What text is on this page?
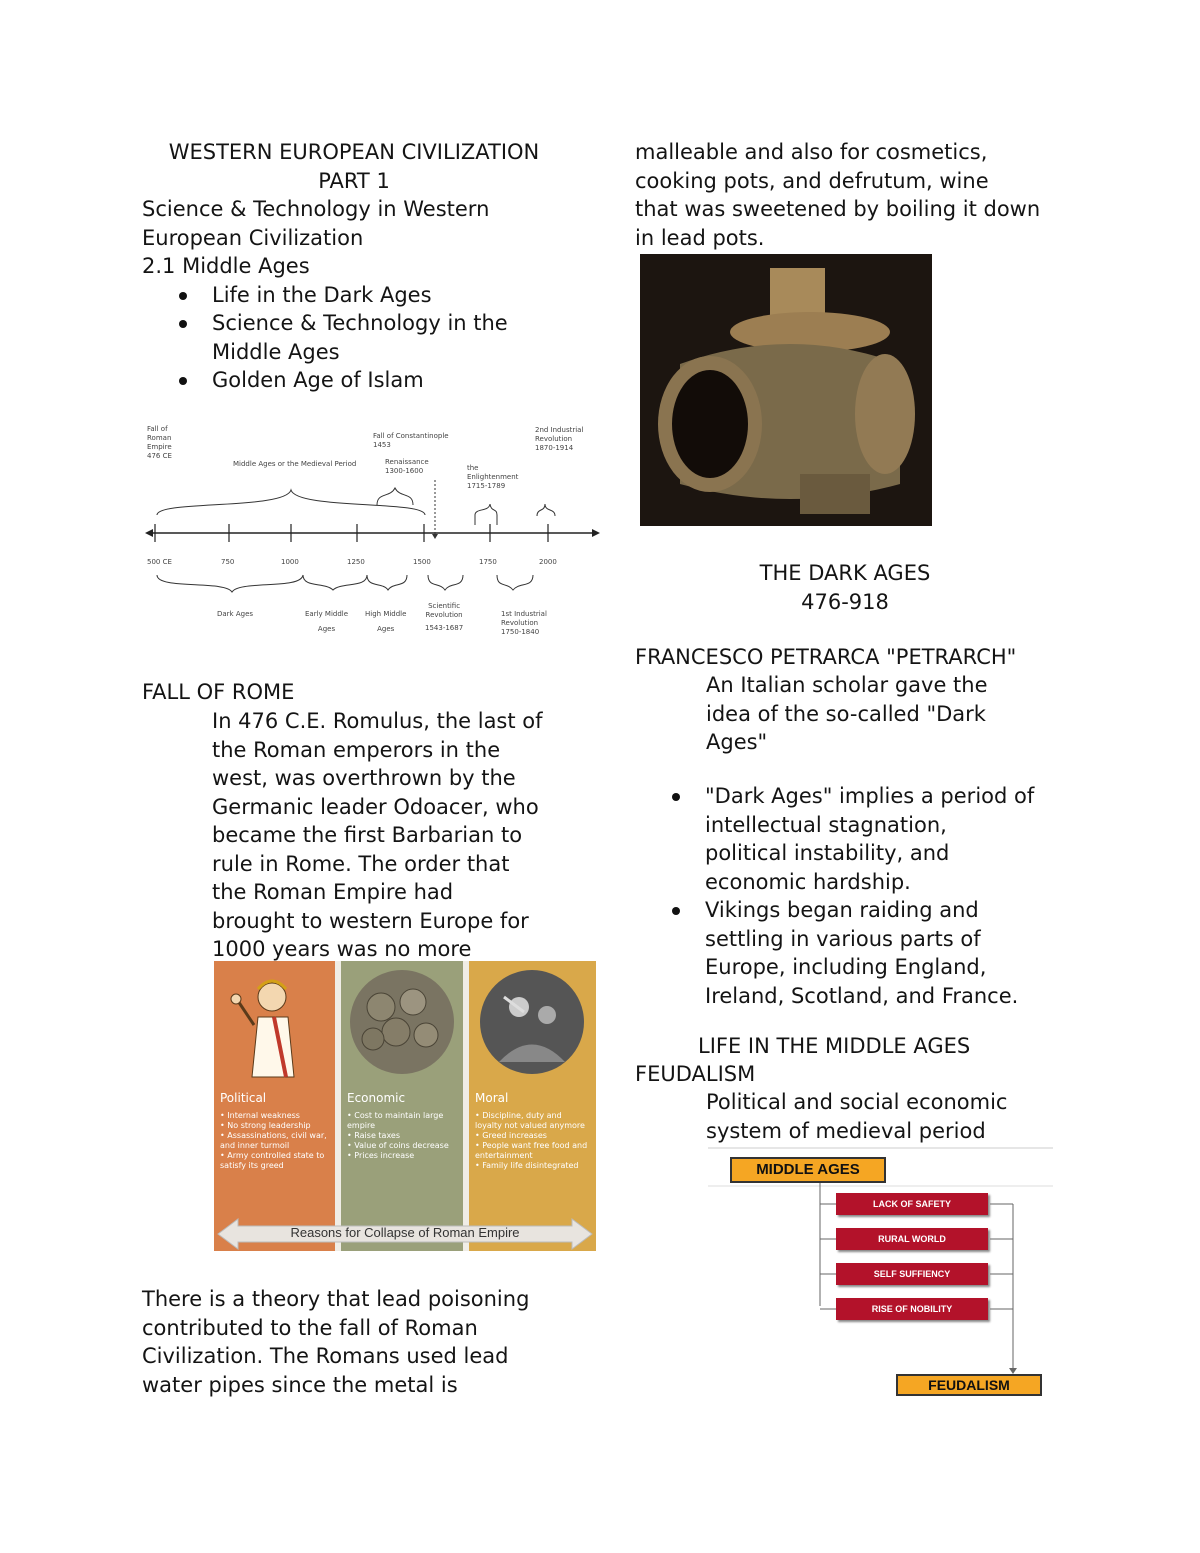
WESTERN EUROPEAN CIVILIZATION
PART 1
Science & Technology in Western
European Civilization
2.1 Middle Ages
Life in the Dark Ages
Science & Technology in the
Middle Ages
Golden Age of Islam
500 CE	750	1000	1250	1500	1750	2000
Fall of
Roman
Empire
476 CE
Middle Ages or the Medieval Period
Fall of Constantinople
1453
Renaissance
1300-1600	the
Enlightenment
1715-1789
2nd Industrial
Revolution
1870-1914
Dark Ages	Early Middle
Ages
High Middle
Ages
Scientific
Revolution
1543-1687
1st Industrial
Revolution
1750-1840
FALL OF ROME
In 476 C.E. Romulus, the last of
the Roman emperors in the
west, was overthrown by the
Germanic leader Odoacer, who
became the first Barbarian to
rule in Rome. The order that
the Roman Empire had
brought to western Europe for
1000 years was no more
Political
• Internal weakness
• No strong leadership
• Assassinations, civil war, and inner turmoil
• Army controlled state to satisfy its greed
Economic
• Cost to maintain large empire
• Raise taxes
• Value of coins decrease
• Prices increase
Moral
• Discipline, duty and loyalty not valued anymore
• Greed increases
• People want free food and entertainment
• Family life disintegrated
Reasons for Collapse of Roman Empire
There is a theory that lead poisoning
contributed to the fall of Roman
Civilization. The Romans used lead
water pipes since the metal is
malleable and also for cosmetics,
cooking pots, and defrutum, wine
that was sweetened by boiling it down
in lead pots.
THE DARK AGES
476-918
FRANCESCO PETRARCA "PETRARCH"
An Italian scholar gave the
idea of the so-called "Dark
Ages"
"Dark Ages" implies a period of
intellectual stagnation,
political instability, and
economic hardship.
Vikings began raiding and
settling in various parts of
Europe, including England,
Ireland, Scotland, and France.
LIFE IN THE MIDDLE AGES
FEUDALISM
Political and social economic
system of medieval period
MIDDLE AGES
LACK OF SAFETY
RURAL WORLD
SELF SUFFIENCY
RISE OF NOBILITY
FEUDALISM
